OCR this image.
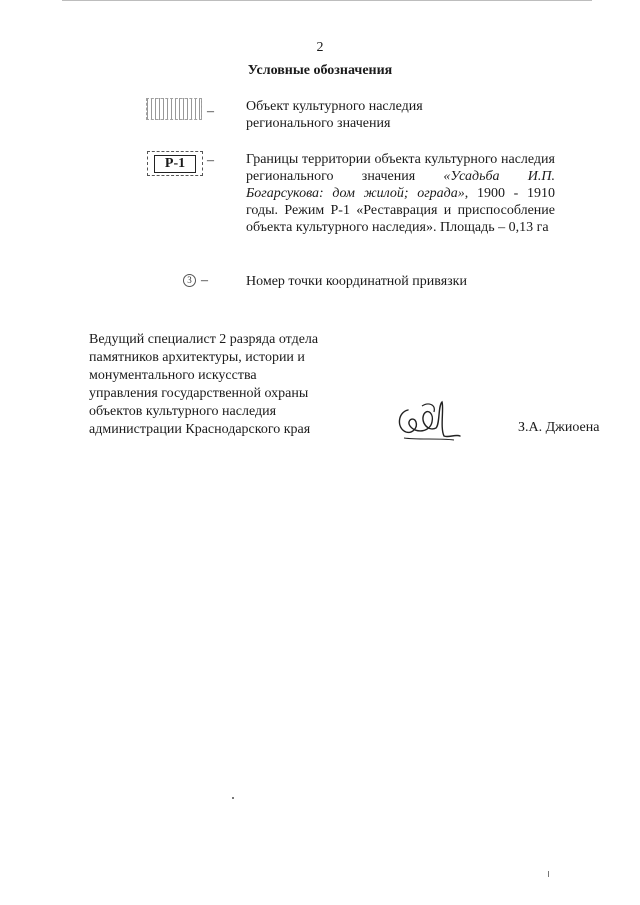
2
Условные обозначения
– Объект культурного наследия
регионального значения
Р-1	– Границы территории объекта культурного наследия регионального значения «Усадьба И.П. Богарсукова: дом жилой; ограда», 1900 - 1910 годы. Режим Р-1 «Реставрация и приспособление объекта культурного наследия». Площадь – 0,13 га
3 –	Номер точки координатной привязки
Ведущий специалист 2 разряда отдела
памятников архитектуры, истории и
монументального искусства
управления государственной охраны
объектов культурного наследия
администрации Краснодарского края	З.А. Джиоена
